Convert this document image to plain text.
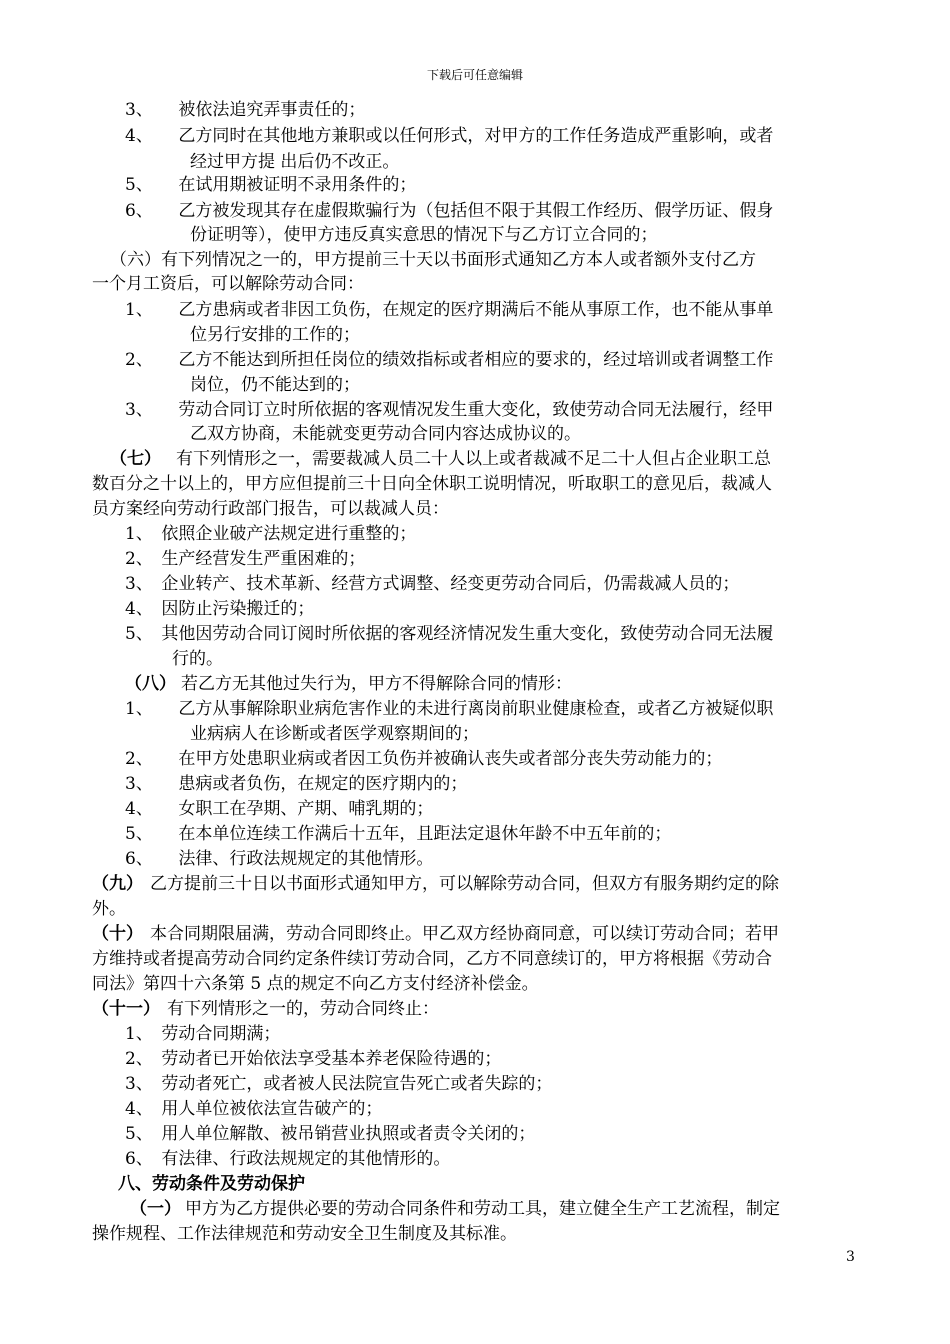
下载后可任意编辑
3、　　被依法追究弄事责任的；
4、　　乙方同时在其他地方兼职或以任何形式，对甲方的工作任务造成严重影响，或者
经过甲方提 出后仍不改正。
5、　　在试用期被证明不录用条件的；
6、　　乙方被发现其存在虚假欺骗行为（包括但不限于其假工作经历、假学历证、假身
份证明等），使甲方违反真实意思的情况下与乙方订立合同的；
（六）有下列情况之一的，甲方提前三十天以书面形式通知乙方本人或者额外支付乙方
一个月工资后，可以解除劳动合同：
1、　　乙方患病或者非因工负伤，在规定的医疗期满后不能从事原工作，也不能从事单
位另行安排的工作的；
2、　　乙方不能达到所担任岗位的绩效指标或者相应的要求的，经过培训或者调整工作
岗位，仍不能达到的；
3、　　劳动合同订立时所依据的客观情况发生重大变化，致使劳动合同无法履行，经甲
乙双方协商，未能就变更劳动合同内容达成协议的。
（七） 有下列情形之一，需要裁减人员二十人以上或者裁减不足二十人但占企业职工总
数百分之十以上的，甲方应但提前三十日向全休职工说明情况，听取职工的意见后，裁减人
员方案经向劳动行政部门报告，可以裁减人员：
1、　依照企业破产法规定进行重整的；
2、　生产经营发生严重困难的；
3、　企业转产、技术革新、经营方式调整、经变更劳动合同后，仍需裁减人员的；
4、　因防止污染搬迁的；
5、　其他因劳动合同订阅时所依据的客观经济情况发生重大变化，致使劳动合同无法履
行的。
（八） 若乙方无其他过失行为，甲方不得解除合同的情形：
1、　　乙方从事解除职业病危害作业的未进行离岗前职业健康检查，或者乙方被疑似职
业病病人在诊断或者医学观察期间的；
2、　　在甲方处患职业病或者因工负伤并被确认丧失或者部分丧失劳动能力的；
3、　　患病或者负伤，在规定的医疗期内的；
4、　　女职工在孕期、产期、哺乳期的；
5、　　在本单位连续工作满后十五年，且距法定退休年龄不中五年前的；
6、　　法律、行政法规规定的其他情形。
（九） 乙方提前三十日以书面形式通知甲方，可以解除劳动合同，但双方有服务期约定的除
外。
（十） 本合同期限届满，劳动合同即终止。甲乙双方经协商同意，可以续订劳动合同；若甲
方维持或者提高劳动合同约定条件续订劳动合同，乙方不同意续订的，甲方将根据《劳动合
同法》第四十六条第 5 点的规定不向乙方支付经济补偿金。
（十一） 有下列情形之一的，劳动合同终止：
1、　劳动合同期满；
2、　劳动者已开始依法享受基本养老保险待遇的；
3、　劳动者死亡，或者被人民法院宣告死亡或者失踪的；
4、　用人单位被依法宣告破产的；
5、　用人单位解散、被吊销营业执照或者责令关闭的；
6、　有法律、行政法规规定的其他情形的。
八、劳动条件及劳动保护
（一） 甲方为乙方提供必要的劳动合同条件和劳动工具，建立健全生产工艺流程，制定
操作规程、工作法律规范和劳动安全卫生制度及其标准。
3
